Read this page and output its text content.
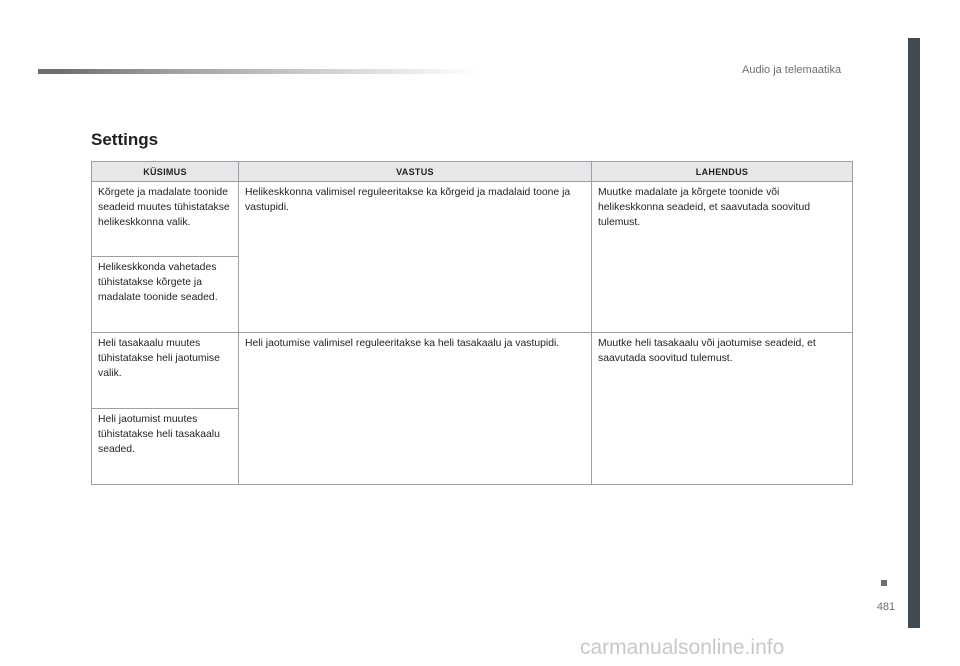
Audio ja telemaatika
481
Settings
KÜSIMUS	VASTUS	LAHENDUS
Kõrgete ja madalate toonide seadeid muutes tühistatakse helikeskkonna valik.	Helikeskkonna valimisel reguleeritakse ka kõrgeid ja madalaid toone ja vastupidi.	Muutke madalate ja kõrgete toonide või helikeskkonna seadeid, et saavutada soovitud tulemust.
Helikeskkonda vahetades tühistatakse kõrgete ja madalate toonide seaded.		
Heli tasakaalu muutes tühistatakse heli jaotumise valik.	Heli jaotumise valimisel reguleeritakse ka heli tasakaalu ja vastupidi.	Muutke heli tasakaalu või jaotumise seadeid, et saavutada soovitud tulemust.
Heli jaotumist muutes tühistatakse heli tasakaalu seaded.		
carmanualsonline.info
